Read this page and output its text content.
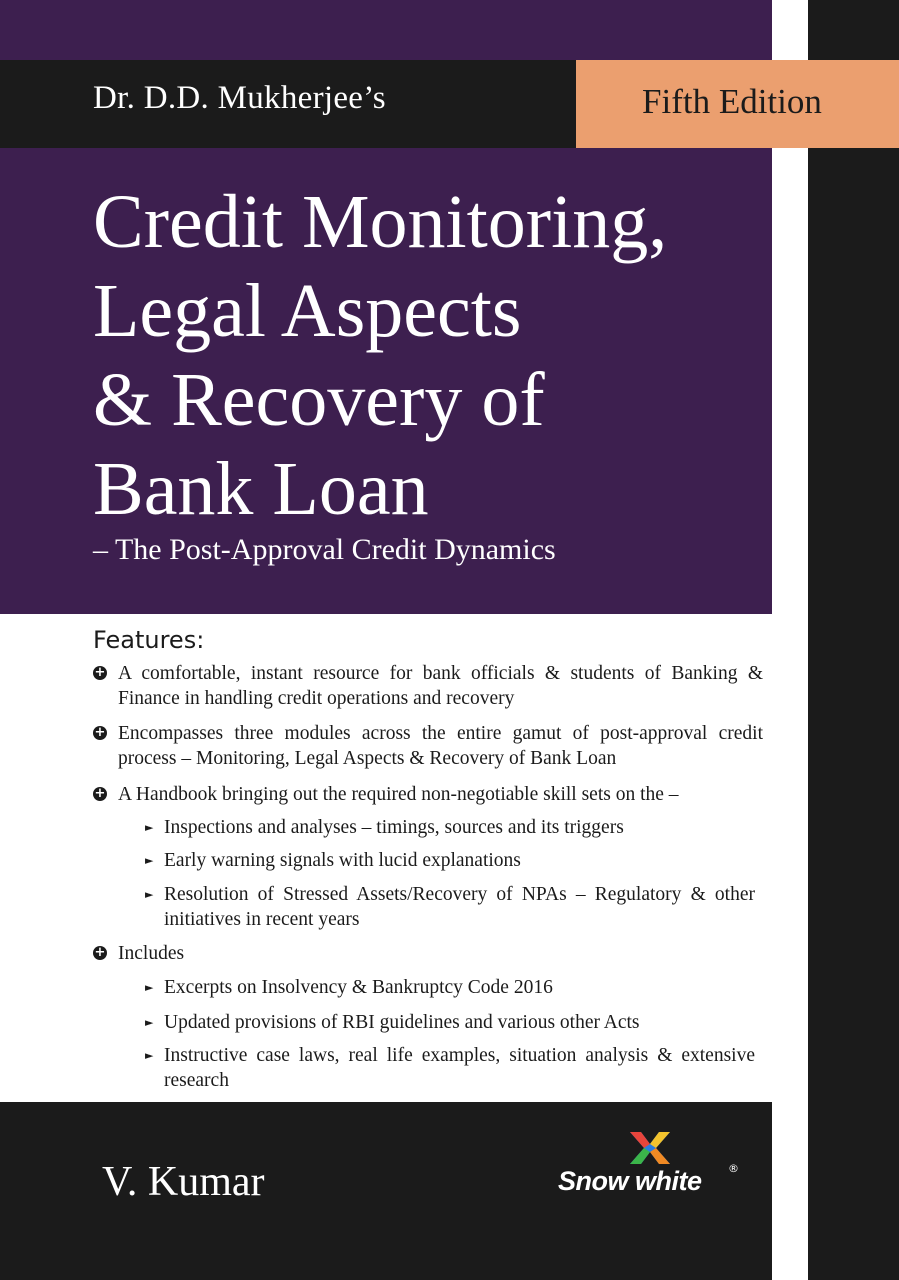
Dr. D.D. Mukherjee’s	Fifth Edition
Credit Monitoring,
Legal Aspects
& Recovery of
Bank Loan
– The Post-Approval Credit Dynamics
Features:
+ A comfortable, instant resource for bank officials & students of Banking & Finance in handling credit operations and recovery
+ Encompasses three modules across the entire gamut of post-approval credit process – Monitoring, Legal Aspects & Recovery of Bank Loan
+ A Handbook bringing out the required non-negotiable skill sets on the –
► Inspections and analyses – timings, sources and its triggers
► Early warning signals with lucid explanations
► Resolution of Stressed Assets/Recovery of NPAs – Regulatory & other initiatives in recent years
+ Includes
► Excerpts on Insolvency & Bankruptcy Code 2016
► Updated provisions of RBI guidelines and various other Acts
► Instructive case laws, real life examples, situation analysis & extensive research
V. Kumar	Snow white ®
